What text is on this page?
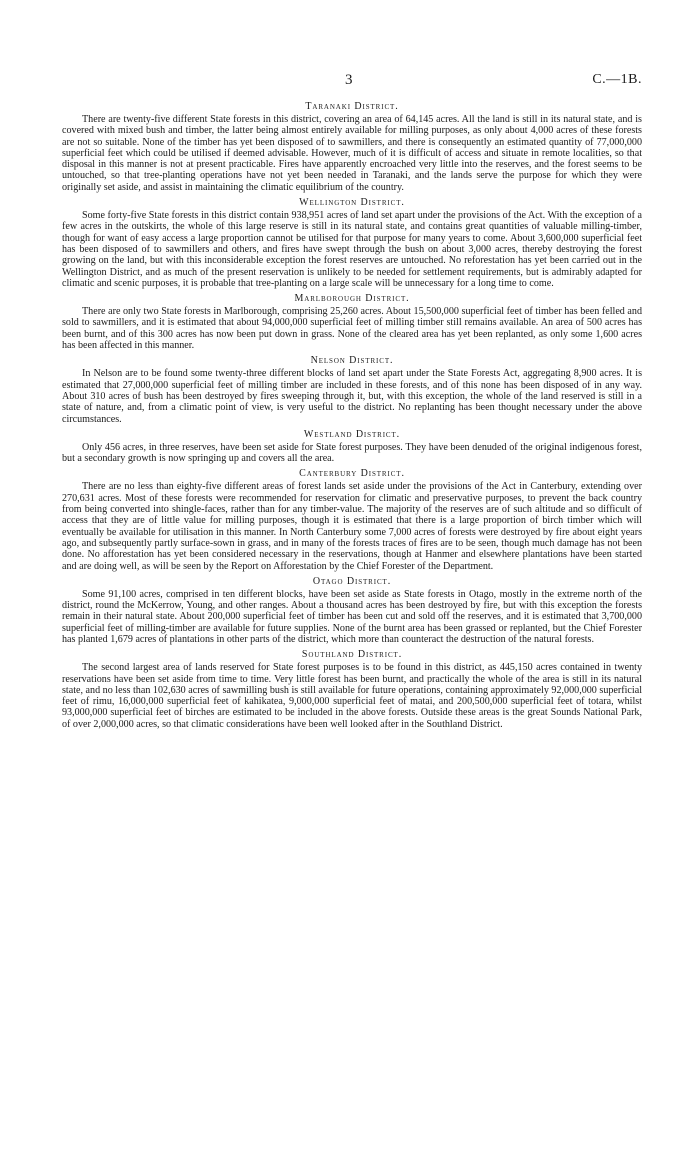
3	C.—1B.
Taranaki District.

There are twenty-five different State forests in this district, covering an area of 64,145 acres. All the land is still in its natural state, and is covered with mixed bush and timber, the latter being almost entirely available for milling purposes, as only about 4,000 acres of these forests are not so suitable. None of the timber has yet been disposed of to sawmillers, and there is consequently an estimated quantity of 77,000,000 superficial feet which could be utilised if deemed advisable. However, much of it is difficult of access and situate in remote localities, so that disposal in this manner is not at present practicable. Fires have apparently encroached very little into the reserves, and the forest seems to be untouched, so that tree-planting operations have not yet been needed in Taranaki, and the lands serve the purpose for which they were originally set aside, and assist in maintaining the climatic equilibrium of the country.

Wellington District.

Some forty-five State forests in this district contain 938,951 acres of land set apart under the provisions of the Act. With the exception of a few acres in the outskirts, the whole of this large reserve is still in its natural state, and contains great quantities of valuable milling-timber, though for want of easy access a large proportion cannot be utilised for that purpose for many years to come. About 3,600,000 superficial feet has been disposed of to sawmillers and others, and fires have swept through the bush on about 3,000 acres, thereby destroying the forest growing on the land, but with this inconsiderable exception the forest reserves are untouched. No reforestation has yet been carried out in the Wellington District, and as much of the present reservation is unlikely to be needed for settlement requirements, but is admirably adapted for climatic and scenic purposes, it is probable that tree-planting on a large scale will be unnecessary for a long time to come.

Marlborough District.

There are only two State forests in Marlborough, comprising 25,260 acres. About 15,500,000 superficial feet of timber has been felled and sold to sawmillers, and it is estimated that about 94,000,000 superficial feet of milling timber still remains available. An area of 500 acres has been burnt, and of this 300 acres has now been put down in grass. None of the cleared area has yet been replanted, as only some 1,600 acres has been affected in this manner.

Nelson District.

In Nelson are to be found some twenty-three different blocks of land set apart under the State Forests Act, aggregating 8,900 acres. It is estimated that 27,000,000 superficial feet of milling timber are included in these forests, and of this none has been disposed of in any way. About 310 acres of bush has been destroyed by fires sweeping through it, but, with this exception, the whole of the land reserved is still in a state of nature, and, from a climatic point of view, is very useful to the district. No replanting has been thought necessary under the above circumstances.

Westland District.

Only 456 acres, in three reserves, have been set aside for State forest purposes. They have been denuded of the original indigenous forest, but a secondary growth is now springing up and covers all the area.

Canterbury District.

There are no less than eighty-five different areas of forest lands set aside under the provisions of the Act in Canterbury, extending over 270,631 acres. Most of these forests were recommended for reservation for climatic and preservative purposes, to prevent the back country from being converted into shingle-faces, rather than for any timber-value. The majority of the reserves are of such altitude and so difficult of access that they are of little value for milling purposes, though it is estimated that there is a large proportion of birch timber which will eventually be available for utilisation in this manner. In North Canterbury some 7,000 acres of forests were destroyed by fire about eight years ago, and subsequently partly surface-sown in grass, and in many of the forests traces of fires are to be seen, though much damage has not been done. No afforestation has yet been considered necessary in the reservations, though at Hanmer and elsewhere plantations have been started and are doing well, as will be seen by the Report on Afforestation by the Chief Forester of the Department.

Otago District.

Some 91,100 acres, comprised in ten different blocks, have been set aside as State forests in Otago, mostly in the extreme north of the district, round the McKerrow, Young, and other ranges. About a thousand acres has been destroyed by fire, but with this exception the forests remain in their natural state. About 200,000 superficial feet of timber has been cut and sold off the reserves, and it is estimated that 3,700,000 superficial feet of milling-timber are available for future supplies. None of the burnt area has been grassed or replanted, but the Chief Forester has planted 1,679 acres of plantations in other parts of the district, which more than counteract the destruction of the natural forests.

Southland District.

The second largest area of lands reserved for State forest purposes is to be found in this district, as 445,150 acres contained in twenty reservations have been set aside from time to time. Very little forest has been burnt, and practically the whole of the area is still in its natural state, and no less than 102,630 acres of sawmilling bush is still available for future operations, containing approximately 92,000,000 superficial feet of rimu, 16,000,000 superficial feet of kahikatea, 9,000,000 superficial feet of matai, and 200,500,000 superficial feet of totara, whilst 93,000,000 superficial feet of birches are estimated to be included in the above forests. Outside these areas is the great Sounds National Park, of over 2,000,000 acres, so that climatic considerations have been well looked after in the Southland District.
